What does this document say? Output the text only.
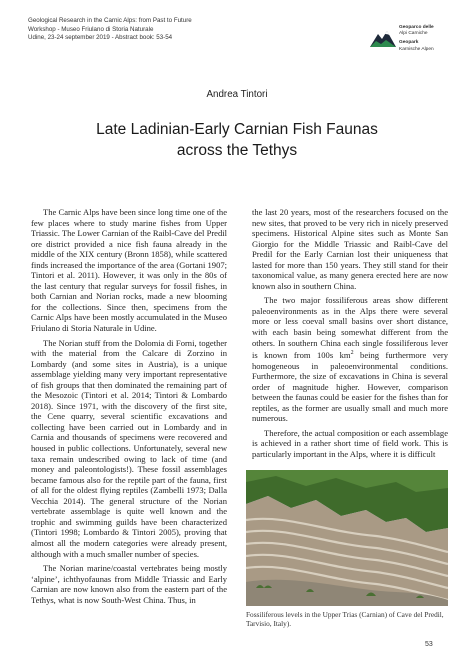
Geological Research in the Carnic Alps: from Past to Future
Workshop - Museo Friulano di Storia Naturale
Udine, 23-24 september 2019 - Abstract book: 53-54
Geoparco delle
Alpi Carniche
Geopark
Karnische Alpen
Andrea Tintori
Late Ladinian-Early Carnian Fish Faunas
across the Tethys

The Carnic Alps have been since long time one of the few places where to study marine fishes from Upper Triassic. The Lower Carnian of the Raibl-Cave del Predil ore district provided a nice fish fauna already in the middle of the XIX century (Bronn 1858), while scattered finds increased the importance of the area (Gortani 1907; Tintori et al. 2011). However, it was only in the 80s of the last century that regular surveys for fossil fishes, in both Carnian and Norian rocks, made a new blooming for the collections. Since then, specimens from the Carnic Alps have been mostly accumulated in the Museo Friulano di Storia Naturale in Udine.

The Norian stuff from the Dolomia di Forni, together with the material from the Calcare di Zorzino in Lombardy (and some sites in Austria), is a unique assemblage yielding many very important representative of fish groups that then dominated the remaining part of the Mesozoic (Tintori et al. 2014; Tintori & Lombardo 2018). Since 1971, with the discovery of the first site, the Cene quarry, several scientific excavations and collecting have been carried out in Lombardy and in Carnia and thousands of specimens were recovered and housed in public collections. Unfortunately, several new taxa remain undescribed owing to lack of time (and money and paleontologists!). These fossil assemblages became famous also for the reptile part of the fauna, first of all for the oldest flying reptiles (Zambelli 1973; Dalla Vecchia 2014). The general structure of the Norian vertebrate assemblage is quite well known and the trophic and swimming guilds have been characterized (Tintori 1998; Lombardo & Tintori 2005), proving that almost all the modern categories were already present, although with a much smaller number of species.

The Norian marine/coastal vertebrates being mostly ‘alpine’, ichthyofaunas from Middle Triassic and Early Carnian are now known also from the eastern part of the Tethys, what is now South-West China. Thus, in

the last 20 years, most of the researchers focused on the new sites, that proved to be very rich in nicely preserved specimens. Historical Alpine sites such as Monte San Giorgio for the Middle Triassic and Raibl-Cave del Predil for the Early Carnian lost their uniqueness that lasted for more than 150 years. They still stand for their taxonomical value, as many genera erected here are now known also in southern China.

The two major fossiliferous areas show different paleoenvironments as in the Alps there were several more or less coeval small basins over short distance, with each basin being somewhat different from the others. In southern China each single fossiliferous lever is known from 100s $km^2$ being furthermore very homogeneous in paleoenvironmental conditions. Furthermore, the size of excavations in China is several order of magnitude higher. However, comparison between the faunas could be easier for the fishes than for reptiles, as the former are usually small and much more numerous.

Therefore, the actual composition or each assemblage is achieved in a rather short time of field work. This is particularly important in the Alps, where it is difficult

Fossiliferous levels in the Upper Trias (Carnian) of Cave del Predil, Tarvisio, Italy).
53
